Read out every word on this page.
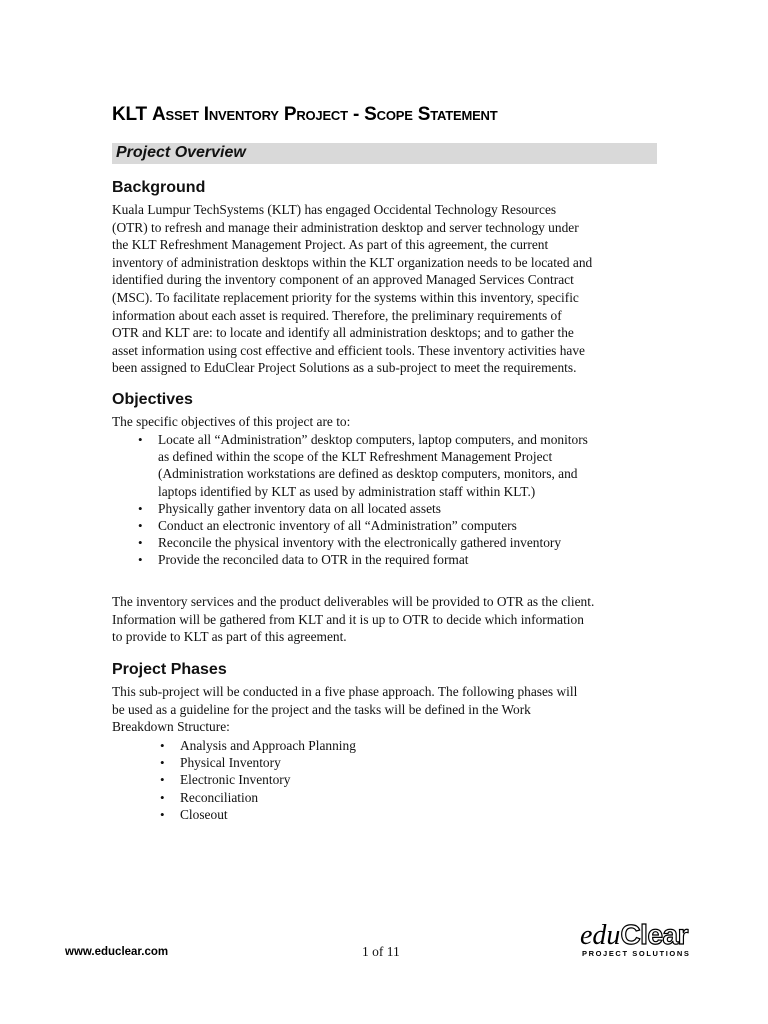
KLT Asset Inventory Project - Scope Statement
Project Overview
Background
Kuala Lumpur TechSystems (KLT) has engaged Occidental Technology Resources
(OTR) to refresh and manage their administration desktop and server technology under
the KLT Refreshment Management Project. As part of this agreement, the current
inventory of administration desktops within the KLT organization needs to be located and
identified during the inventory component of an approved Managed Services Contract
(MSC). To facilitate replacement priority for the systems within this inventory, specific
information about each asset is required. Therefore, the preliminary requirements of
OTR and KLT are: to locate and identify all administration desktops; and to gather the
asset information using cost effective and efficient tools. These inventory activities have
been assigned to EduClear Project Solutions as a sub-project to meet the requirements.
Objectives
The specific objectives of this project are to:
• Locate all “Administration” desktop computers, laptop computers, and monitors
as defined within the scope of the KLT Refreshment Management Project
(Administration workstations are defined as desktop computers, monitors, and
laptops identified by KLT as used by administration staff within KLT.)
• Physically gather inventory data on all located assets
• Conduct an electronic inventory of all “Administration” computers
• Reconcile the physical inventory with the electronically gathered inventory
• Provide the reconciled data to OTR in the required format
The inventory services and the product deliverables will be provided to OTR as the client.
Information will be gathered from KLT and it is up to OTR to decide which information
to provide to KLT as part of this agreement.
Project Phases
This sub-project will be conducted in a five phase approach. The following phases will
be used as a guideline for the project and the tasks will be defined in the Work
Breakdown Structure:
• Analysis and Approach Planning
• Physical Inventory
• Electronic Inventory
• Reconciliation
• Closeout
www.educlear.com	1 of 11
eduClear
PROJECT SOLUTIONS
